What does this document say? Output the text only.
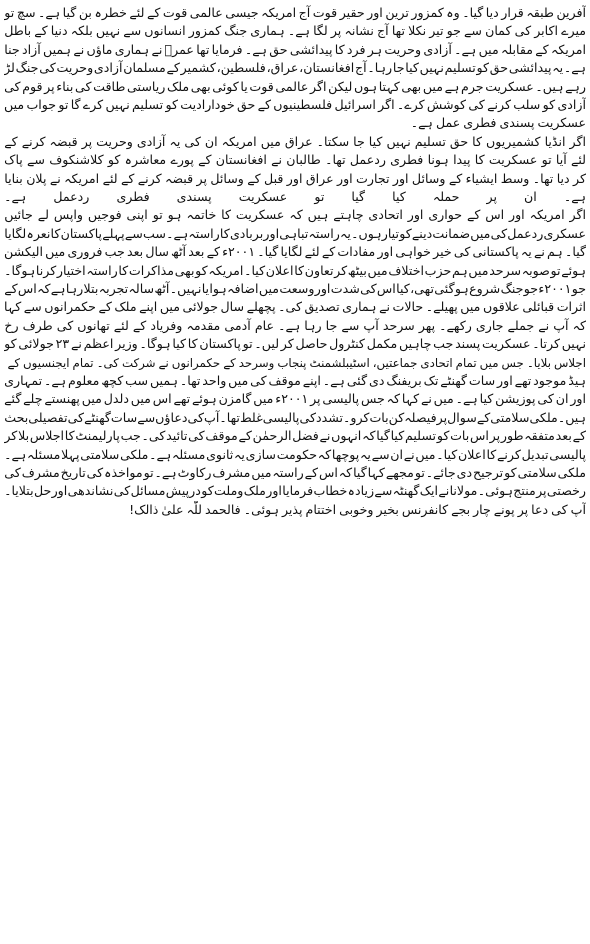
آفرین
طبقہ
قرار
دیا
گیا۔
وہ
کمزور
ترین
اور
حقیر
قوت
آج
امریکہ
جیسی
عالمی
قوت
کے
لئے
خطرہ
بن
گیا
ہے۔
سچ
تو
میرے
اکابر
کی
کمان
سے
جو
تیر
نکلا
تھا
آج
نشانہ
پر
لگا
ہے۔
ہماری
جنگ
کمزور
انسانوں
سے
نہیں
بلکہ
دنیا
کے
باطل
امریکہ
کے
مقابلہ
میں
ہے۔
آزادی
وحریت
ہر
فرد
کا
پیدائشی
حق
ہے۔
فرمایا
تھا
عمرؓ
نے
ہماری
ماؤں
نے
ہمیں
آزاد
جنا
ہے۔
یہ
پیدائشی
حق
کو
تسلیم
نہیں
کیا
جا
رہا۔
آج
افغانستان،
عراق،
فلسطین،
کشمیر
کے
مسلمان
آزادی
وحریت
کی
جنگ
لڑ
رہے
ہیں۔
عسکریت
جرم
ہے
میں
بھی
کہتا
ہوں
لیکن
اگر
عالمی
قوت
یا
کوئی
بھی
ملک
ریاستی
طاقت
کی
بناء
پر
قوم
کی
آزادی
کو
سلب
کرنے
کی
کوشش
کرے۔
اگر
اسرائیل
فلسطینیوں
کے
حق
خودارادیت
کو
تسلیم
نہیں
کرے
گا
تو
جواب
میں
عسکریت
پسندی
فطری
عمل
ہے۔
اگر
انڈیا
کشمیریوں
کا
حق
تسلیم
نہیں
کیا
جا
سکتا۔
عراق
میں
امریکہ
ان
کی
یہ
آزادی
وحریت
پر
قبضہ
کرنے
کے
لئے
آیا
تو
عسکریت
کا
پیدا
ہونا
فطری
ردعمل
تھا۔
طالبان
نے
افغانستان
کے
پورے
معاشرہ
کو
کلاشنکوف
سے
پاک
کر
دیا
تھا۔
وسط
ایشیاء
کے
وسائل
اور
تجارت
اور
عراق
اور
قبل
کے
وسائل
پر
قبضہ
کرنے
کے
لئے
امریکہ
نے
پلان
بنایا
ہے۔
ان
پر
حملہ
کیا
گیا
تو
عسکریت
پسندی
فطری
ردعمل
ہے۔
اگر
امریکہ
اور
اس
کے
حواری
اور
اتحادی
چاہتے
ہیں
کہ
عسکریت
کا
خاتمہ
ہو
تو
اپنی
فوجیں
واپس
لے
جائیں
عسکری
ردعمل
کی
میں
ضمانت
دینے
کو
تیار
ہوں۔
یہ
راستہ
تباہی
اور
بربادی
کا
راستہ
ہے۔
سب
سے
پہلے
پاکستان
کا
نعرہ
لگایا
گیا۔
ہم
نے
یہ
پاکستانی
کی
خیر
خواہی
اور
مفادات
کے
لئے
لگایا
گیا۔
۲۰۰۱ء
کے
بعد
آٹھ
سال
بعد
جب
فروری
میں
الیکشن
ہوئے
تو
صوبہ
سرحد
میں
ہم
حزب
اختلاف
میں
بیٹھ
کر
تعاون
کا
اعلان
کیا۔
امریکہ
کو
بھی
مذاکرات
کا
راستہ
اختیار
کرنا
ہوگا۔
جو
۲۰۰۱ء
جو
جنگ
شروع
ہو
گئی
تھی،
کیا
اس
کی
شدت
اور
وسعت
میں
اضافہ
ہوا
یا
نہیں۔
آٹھ
سالہ
تجربہ
بتلا
رہا
ہے
کہ
اس
کے
اثرات
قبائلی
علاقوں
میں
پھیلے۔
حالات
نے
ہماری
تصدیق
کی۔
پچھلے
سال
جولائی
میں
اپنے
ملک
کے
حکمرانوں
سے
کہا
کہ
آپ
نے
جملے
جاری
رکھے۔
پھر
سرحد
آپ
سے
جا
رہا
ہے۔
عام
آدمی
مقدمہ
وفریاد
کے
لئے
تھانوں
کی
طرف
رخ
نہیں
کرتا۔
عسکریت
پسند
جب
چاہیں
مکمل
کنٹرول
حاصل
کر
لیں۔
تو
پاکستان
کا
کیا
ہوگا۔
وزیر
اعظم
نے
۲۳
جولائی
کو
اجلاس
بلایا۔
جس
میں
تمام
اتحادی
جماعتیں،
اسٹیبلشمنٹ
پنجاب
وسرحد
کے
حکمرانوں
نے
شرکت
کی۔
تمام
ایجنسیوں
کے
ہیڈ
موجود
تھے
اور
سات
گھنٹے
تک
بریفنگ
دی
گئی
ہے۔
اپنے
موقف
کی
میں
واحد
تھا۔
ہمیں
سب
کچھ
معلوم
ہے۔
تمہاری
اور
ان
کی
پوزیشن
کیا
ہے۔
میں
نے
کہا
کہ
جس
پالیسی
پر
۲۰۰۱ء
میں
گامزن
ہوئے
تھے
اس
میں
دلدل
میں
پھنستے
چلے
گئے
ہیں۔
ملکی
سلامتی
کے
سوال
پر
فیصلہ
کن
بات
کرو۔
تشدد
کی
پالیسی
غلط
تھا۔
آپ
کی
دعاؤں
سے
سات
گھنٹے
کی
تفصیلی
بحث
کے
بعد
متفقہ
طور
پر
اس
بات
کو
تسلیم
کیا
گیا
کہ
انہوں
نے
فضل
الرحمٰن
کے
موقف
کی
تائید
کی۔
جب
پارلیمنٹ
کا
اجلاس
بلا
کر
پالیسی
تبدیل
کرنے
کا
اعلان
کیا۔
میں
نے
ان
سے
یہ
پوچھا
کہ
حکومت
سازی
یہ
ثانوی
مسئلہ
ہے۔
ملکی
سلامتی
پہلا
مسئلہ
ہے۔
ملکی
سلامتی
کو
ترجیح
دی
جائے۔
تو
مجھے
کہا
گیا
کہ
اس
کے
راستہ
میں
مشرف
رکاوٹ
ہے۔
تو
مواخذہ
کی
تاریخ
مشرف
کی
رخصتی
پر
منتج
ہوئی۔
مولانا
نے
ایک
گھنٹہ
سے
زیادہ
خطاب
فرمایا
اور
ملک
وملت
کو
درپیش
مسائل
کی
نشاندھی
اور
حل
بتلایا۔
آپ
کی
دعا
پر
پونے
چار
بجے
کانفرنس
بخیر
وخوبی
اختتام
پذیر
ہوئی۔
فالحمد
للّٰہ
علیٰ
ذالک!
